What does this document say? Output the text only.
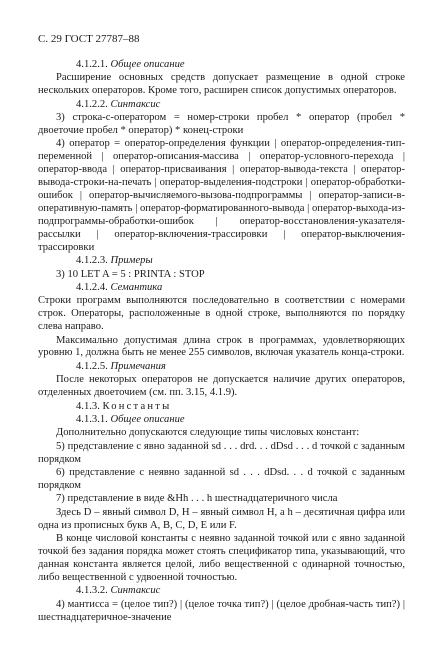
С. 29 ГОСТ 27787–88

4.1.2.1. Общее описание

Расширение основных средств допускает размещение в одной строке нескольких операторов. Кроме того, расширен список допустимых операторов.

4.1.2.2. Синтаксис

3) строка-с-оператором = номер-строки пробел * оператор (пробел * двоеточие пробел * оператор) * конец-строки

4) оператор = оператор-определения функции | оператор-определения-тип-переменной | оператор-описания-массива | оператор-условного-перехода | оператор-ввода | оператор-присваивания | оператор-вывода-текста | оператор-вывода-строки-на-печать | оператор-выделения-подстроки | оператор-обработки-ошибок | оператор-вычисляемого-вызова-подпрограммы | оператор-записи-в-оперативную-память | оператор-форматированного-вывода | оператор-выхода-из-подпрограммы-обработки-ошибок | оператор-восстановления-указателя-рассылки | оператор-включения-трассировки | оператор-выключения-трассировки

4.1.2.3. Примеры

3) 10 LET A = 5 : PRINTA : STOP

4.1.2.4. Семантика

Строки программ выполняются последовательно в соответствии с номерами строк. Операторы, расположенные в одной строке, выполняются по порядку слева направо.

Максимально допустимая длина строк в программах, удовлетворяющих уровню 1, должна быть не менее 255 символов, включая указатель конца-строки.

4.1.2.5. Примечания

После некоторых операторов не допускается наличие других операторов, отделенных двоеточием (см. пп. 3.15, 4.1.9).

4.1.3. Константы

4.1.3.1. Общее описание

Дополнительно допускаются следующие типы числовых констант:

5) представление с явно заданной sd . . . drd. . . dDsd . . . d точкой с заданным порядком

6) представление с неявно заданной sd . . . dDsd. . . d точкой с заданным порядком

7) представление в виде &Hh . . . h шестнадцатеричного числа

Здесь D – явный символ D, H – явный символ H, a h – десятичная цифра или одна из прописных букв A, B, C, D, E или F.

В конце числовой константы с неявно заданной точкой или с явно заданной точкой без задания порядка может стоять спецификатор типа, указывающий, что данная константа является целой, либо вещественной с одинарной точностью, либо вещественной с удвоенной точностью.

4.1.3.2. Синтаксис

4) мантисса = (целое тип?) | (целое точка тип?) | (целое дробная-часть тип?) | шестнадцатеричное-значение
